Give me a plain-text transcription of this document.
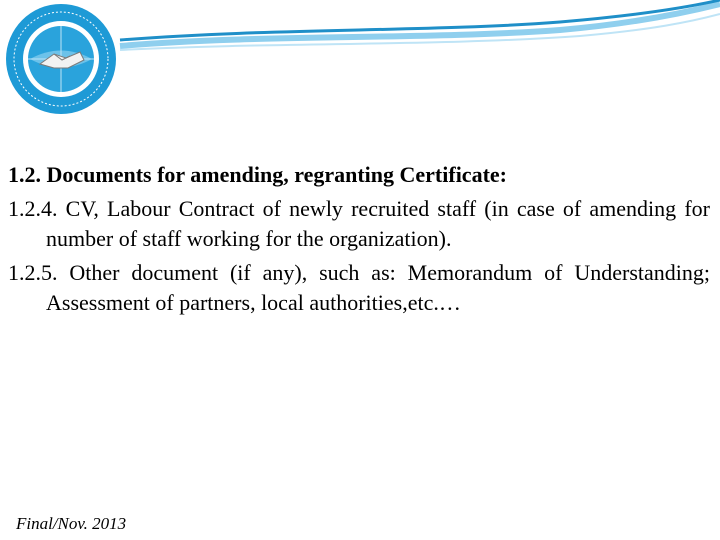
1.2. Documents for amending, regranting Certificate:

1.2.4. CV, Labour Contract of newly recruited staff (in case of amending for number of staff working for the organization).

1.2.5. Other document (if any), such as: Memorandum of Understanding; Assessment of partners, local authorities,etc.…

Final/Nov. 2013
